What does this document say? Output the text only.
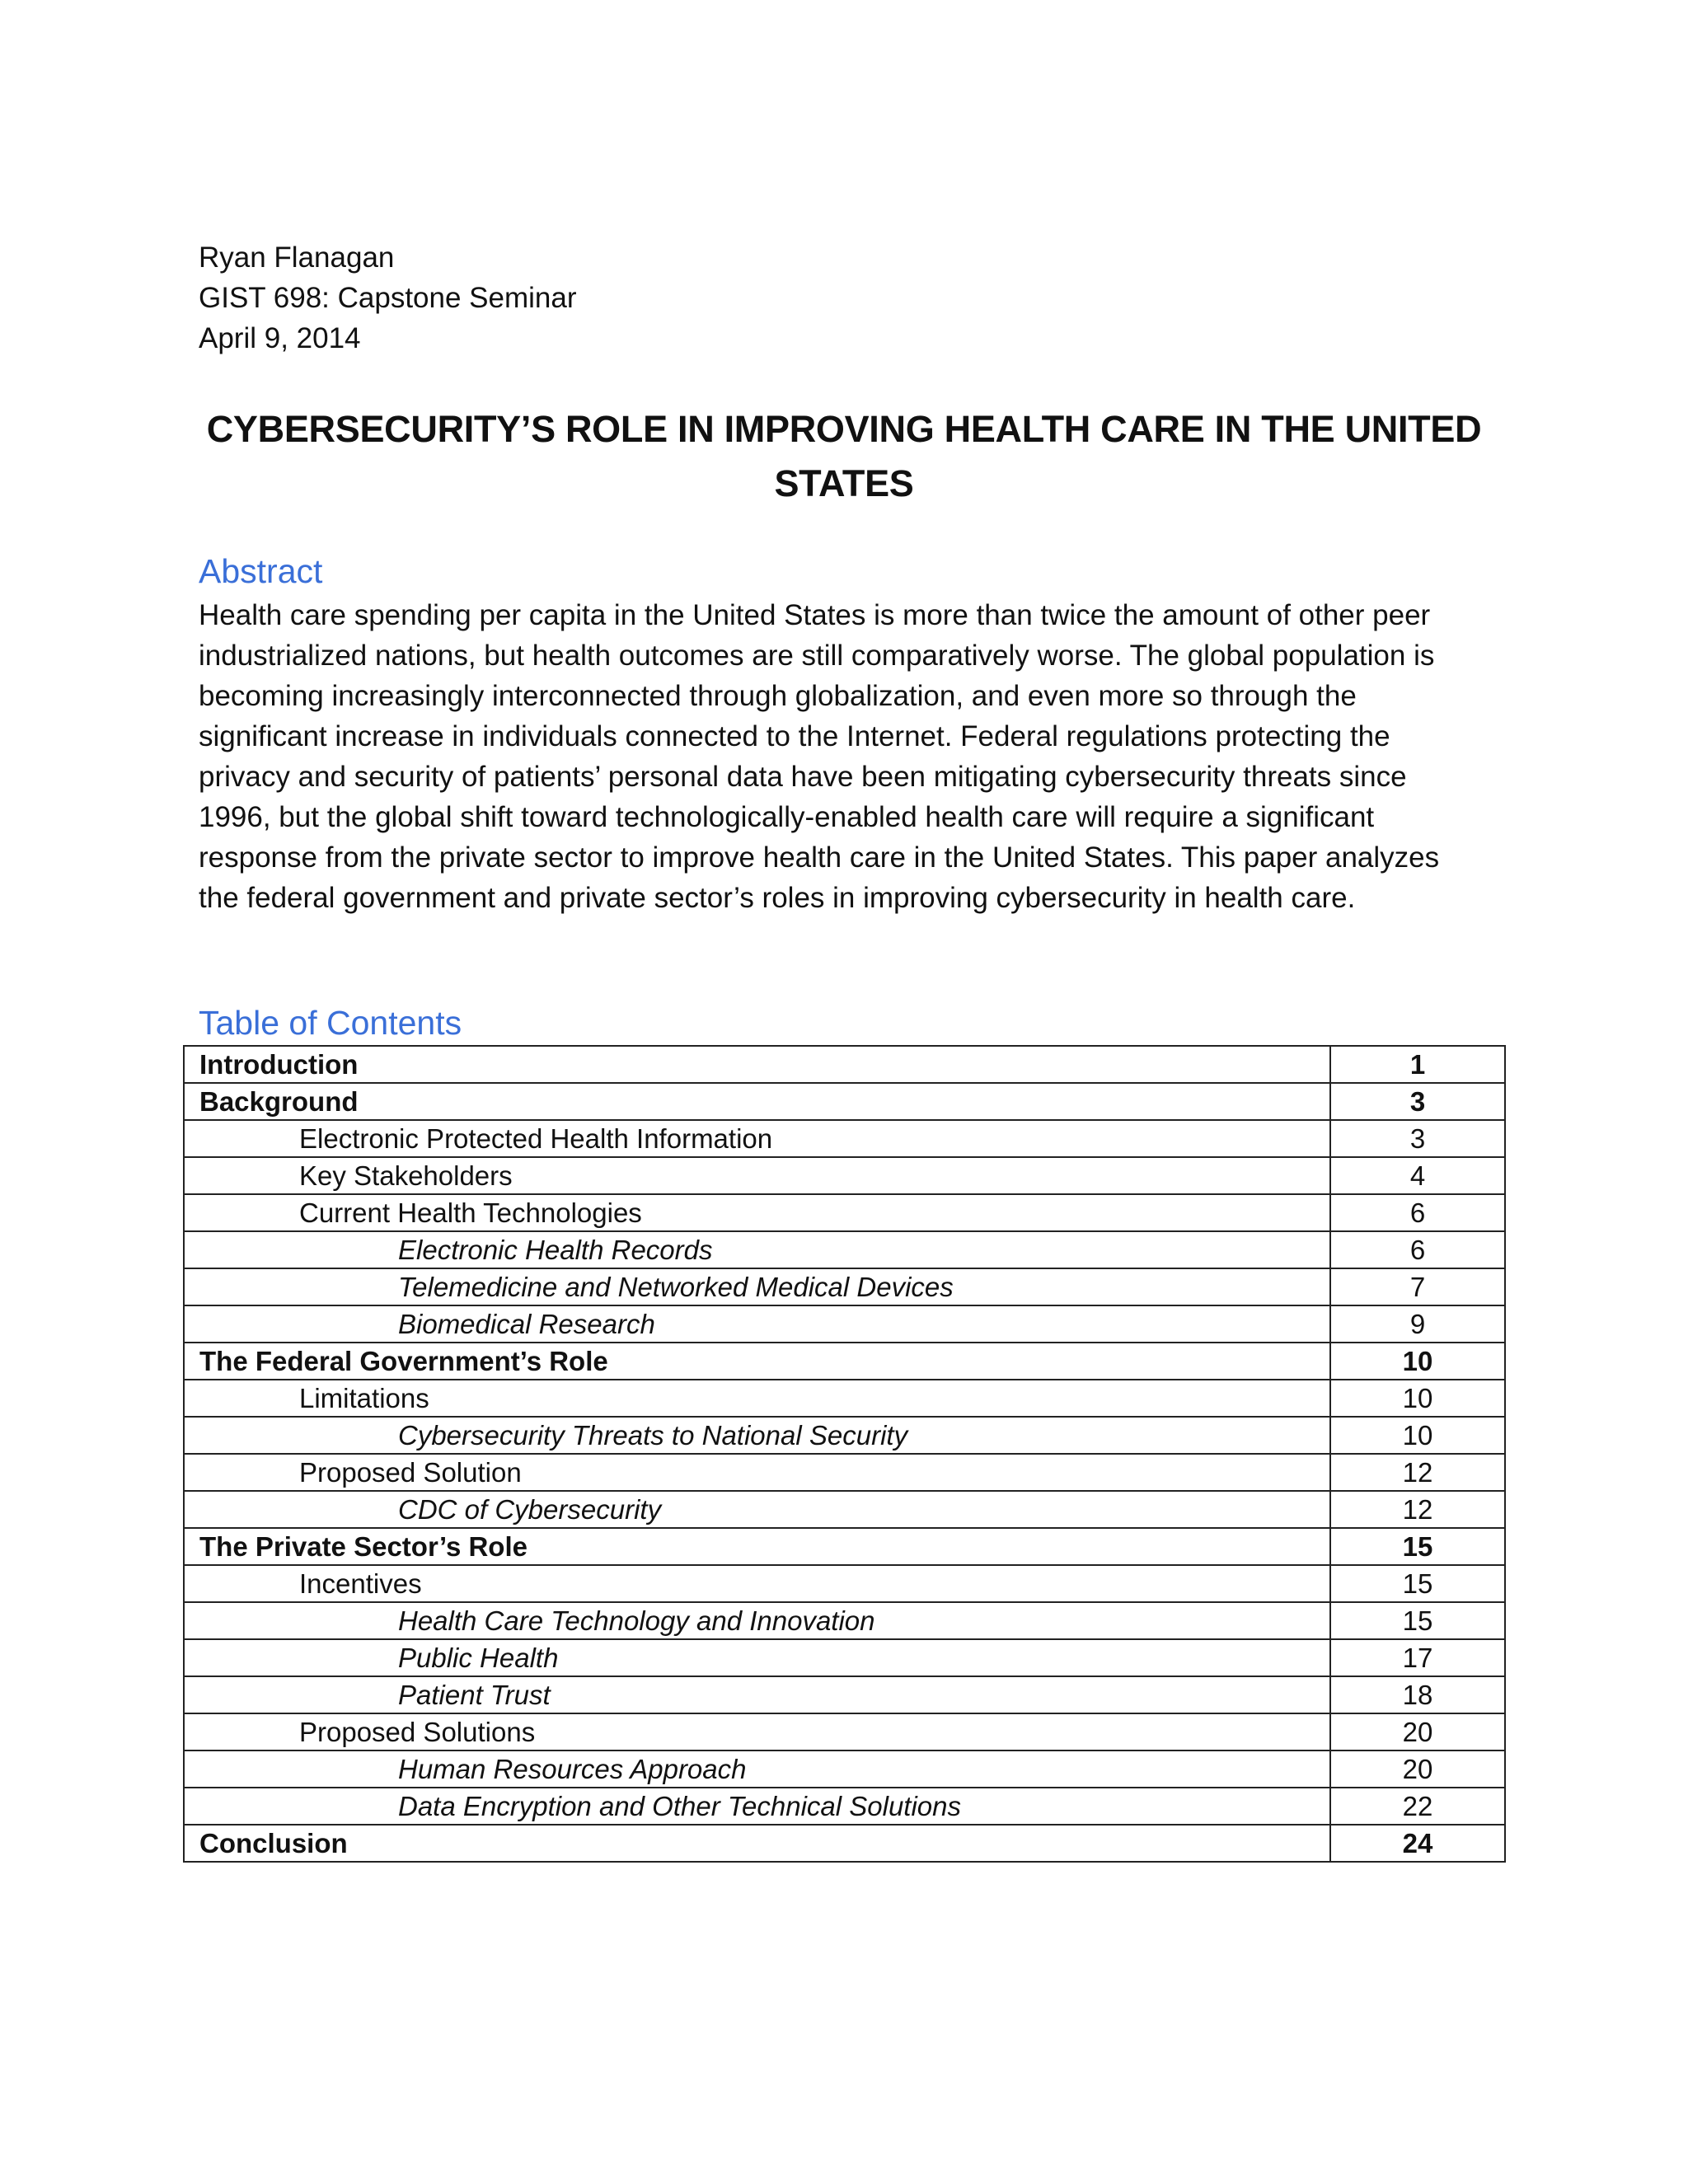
Ryan Flanagan
GIST 698: Capstone Seminar
April 9, 2014
CYBERSECURITY’S ROLE IN IMPROVING HEALTH CARE IN THE UNITED STATES
Abstract

Health care spending per capita in the United States is more than twice the amount of other peer industrialized nations, but health outcomes are still comparatively worse. The global population is becoming increasingly interconnected through globalization, and even more so through the significant increase in individuals connected to the Internet. Federal regulations protecting the privacy and security of patients’ personal data have been mitigating cybersecurity threats since 1996, but the global shift toward technologically-enabled health care will require a significant response from the private sector to improve health care in the United States. This paper analyzes the federal government and private sector’s roles in improving cybersecurity in health care.

Table of Contents
Introduction	1
Background	3
Electronic Protected Health Information	3
Key Stakeholders	4
Current Health Technologies	6
Electronic Health Records	6
Telemedicine and Networked Medical Devices	7
Biomedical Research	9
The Federal Government’s Role	10
Limitations	10
Cybersecurity Threats to National Security	10
Proposed Solution	12
CDC of Cybersecurity	12
The Private Sector’s Role	15
Incentives	15
Health Care Technology and Innovation	15
Public Health	17
Patient Trust	18
Proposed Solutions	20
Human Resources Approach	20
Data Encryption and Other Technical Solutions	22
Conclusion	24
